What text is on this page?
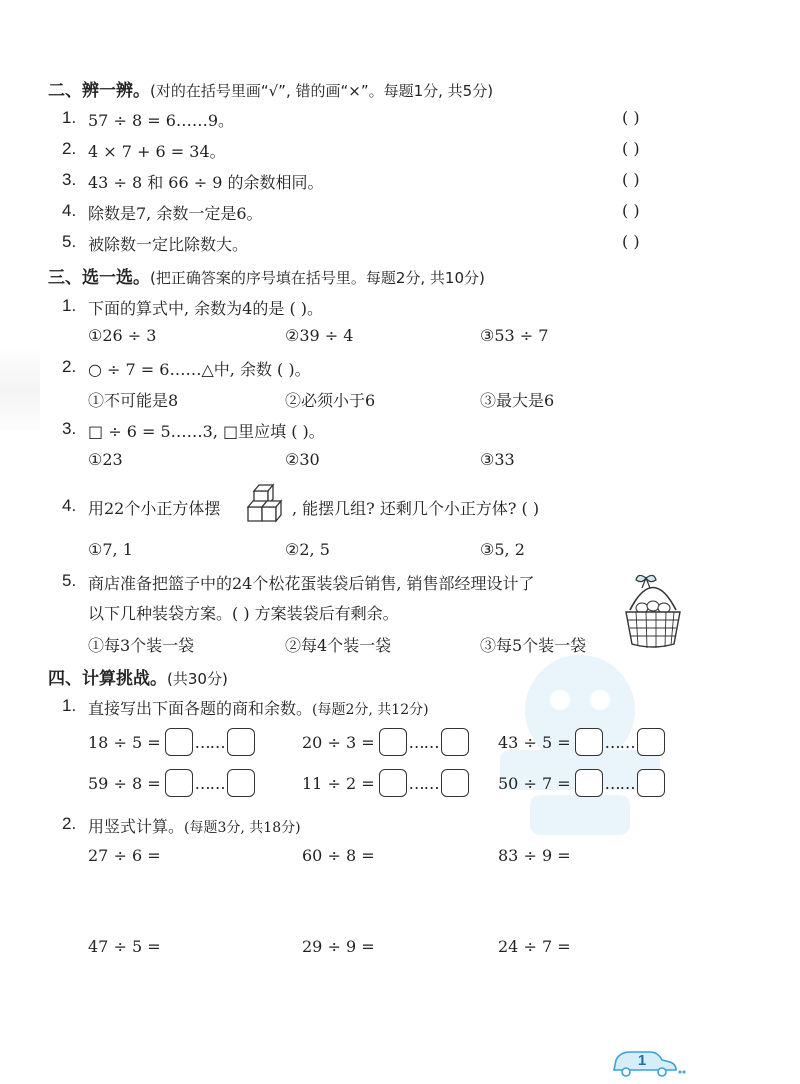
二、辨一辨。(对的在括号里画“√”, 错的画“×”。每题1分, 共5分)
1. 57 ÷ 8 = 6……9。	( )
2. 4 × 7 + 6 = 34。	( )
3. 43 ÷ 8 和 66 ÷ 9 的余数相同。	( )
4. 除数是7, 余数一定是6。	( )
5. 被除数一定比除数大。	( )
三、选一选。(把正确答案的序号填在括号里。每题2分, 共10分)
1. 下面的算式中, 余数为4的是 ( )。
①26 ÷ 3	②39 ÷ 4	③53 ÷ 7
2. ○ ÷ 7 = 6……△中, 余数 ( )。
①不可能是8	②必须小于6	③最大是6
3. □ ÷ 6 = 5……3, □里应填 ( )。
①23	②30	③33
4. 用22个小正方体摆	, 能摆几组? 还剩几个小正方体? ( )
①7, 1	②2, 5	③5, 2
5. 商店准备把篮子中的24个松花蛋装袋后销售, 销售部经理设计了
以下几种装袋方案。( ) 方案装袋后有剩余。
①每3个装一袋	②每4个装一袋	③每5个装一袋
四、计算挑战。(共30分)
1. 直接写出下面各题的商和余数。(每题2分, 共12分)
18 ÷ 5 = ……	20 ÷ 3 = ……	43 ÷ 5 = ……
59 ÷ 8 = ……	11 ÷ 2 = ……	50 ÷ 7 = ……
2. 用竖式计算。(每题3分, 共18分)
27 ÷ 6 =	60 ÷ 8 =	83 ÷ 9 =
47 ÷ 5 =	29 ÷ 9 =	24 ÷ 7 =
1
